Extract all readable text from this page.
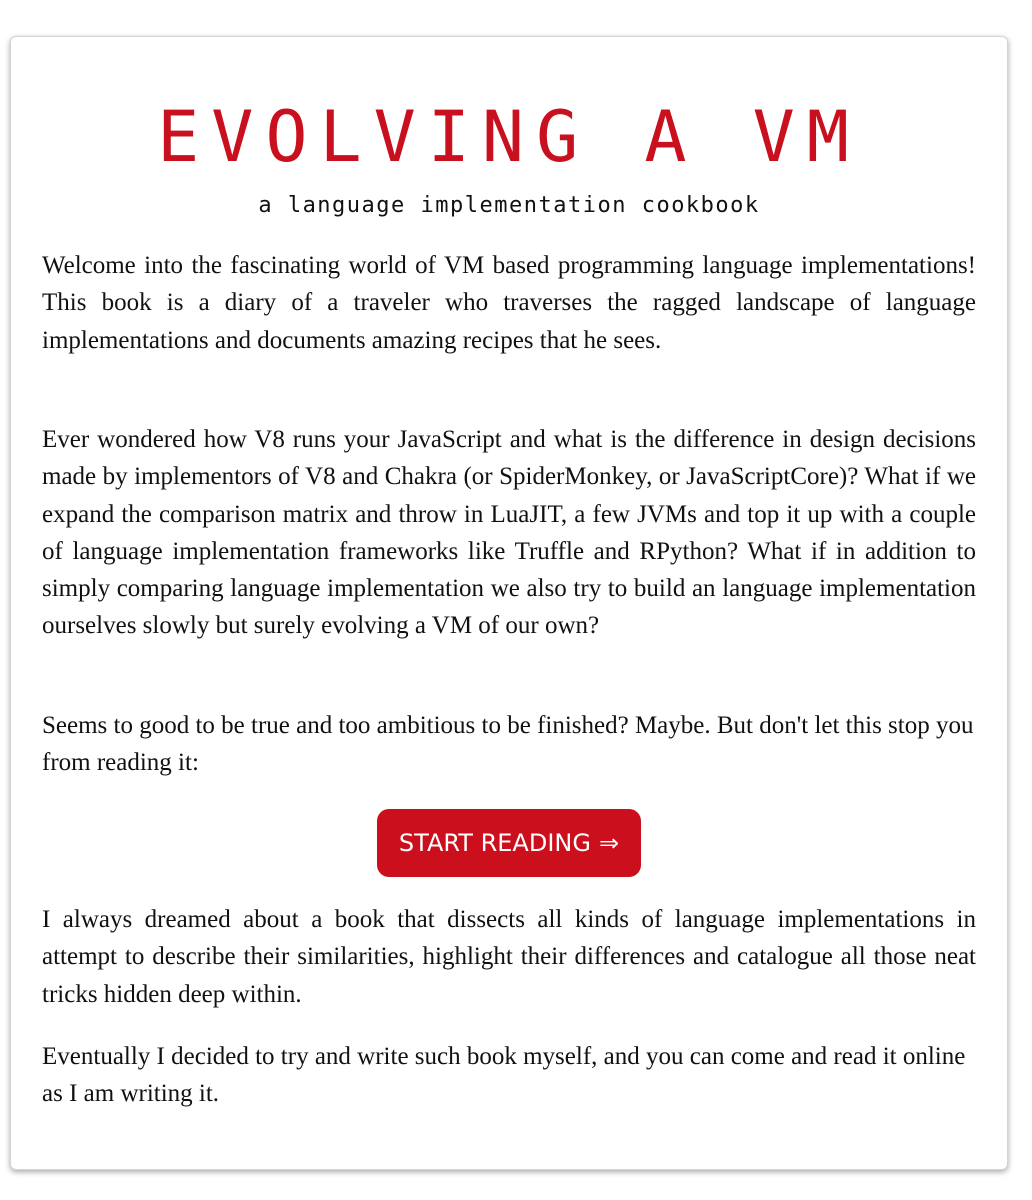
EVOLVING A VM
a language implementation cookbook

Welcome into the fascinating world of VM based programming language implementations! This book is a diary of a traveler who traverses the ragged landscape of language implementations and documents amazing recipes that he sees.

Ever wondered how V8 runs your JavaScript and what is the difference in design decisions made by implementors of V8 and Chakra (or SpiderMonkey, or JavaScriptCore)? What if we expand the comparison matrix and throw in LuaJIT, a few JVMs and top it up with a couple of language implementation frameworks like Truffle and RPython? What if in addition to simply comparing language implementation we also try to build an language implementation ourselves slowly but surely evolving a VM of our own?

Seems to good to be true and too ambitious to be finished? Maybe. But don't let this stop you from reading it:

START READING ⇒

I always dreamed about a book that dissects all kinds of language implementations in attempt to describe their similarities, highlight their differences and catalogue all those neat tricks hidden deep within.

Eventually I decided to try and write such book myself, and you can come and read it online as I am writing it.
